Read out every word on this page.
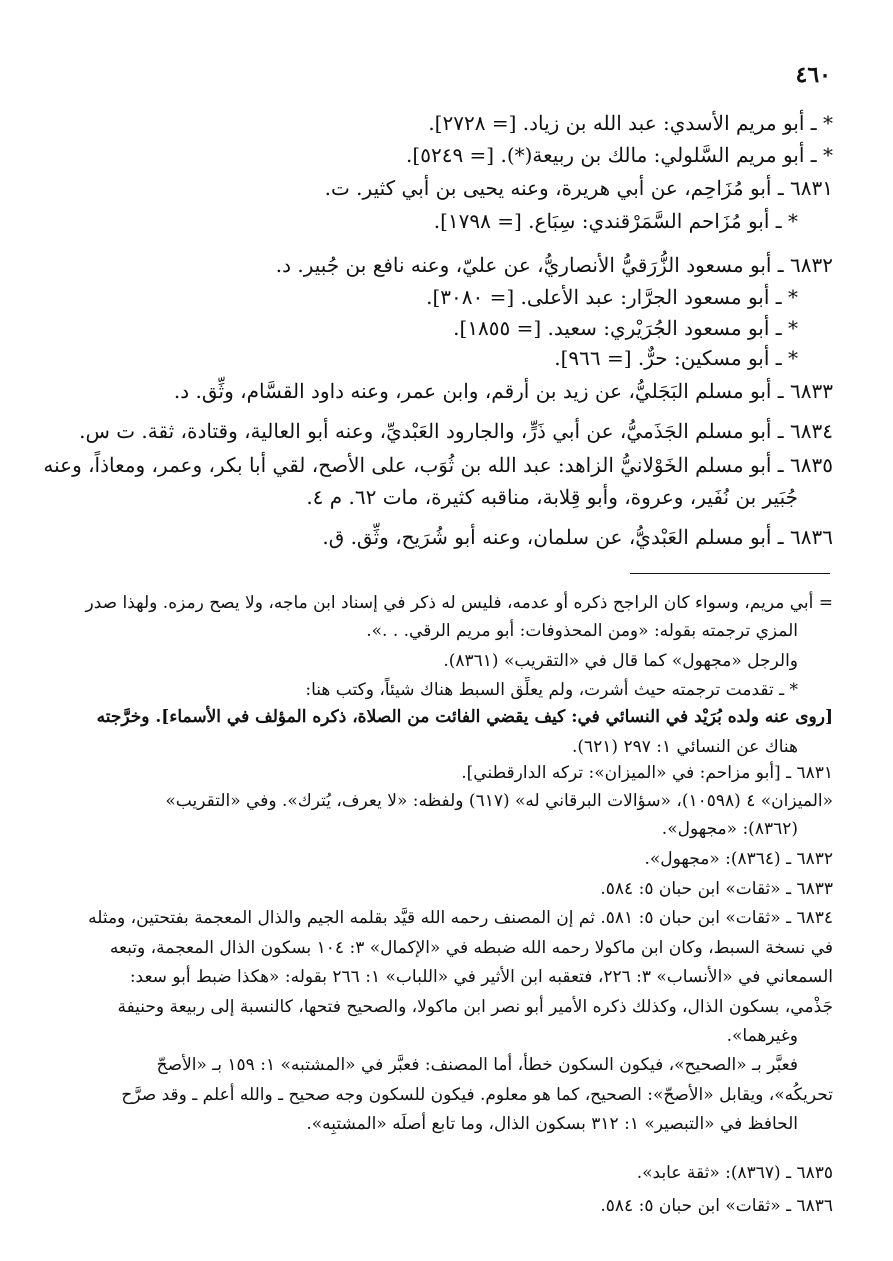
٤٦٠
* ـ أبو مريم الأسدي: عبد الله بن زياد. [= ٢٧٢٨].
* ـ أبو مريم السَّلولي: مالك بن ربيعة(*). [= ٥٢٤٩].
٦٨٣١ ـ أبو مُزَاحِم، عن أبي هريرة، وعنه يحيى بن أبي كثير. ت.
* ـ أبو مُزَاحم السَّمَرْقندي: سِبَاع. [= ١٧٩٨].
٦٨٣٢ ـ أبو مسعود الزُّرَقيُّ الأنصاريُّ، عن عليّ، وعنه نافع بن جُبير. د.
* ـ أبو مسعود الجرَّار: عبد الأعلى. [= ٣٠٨٠].
* ـ أبو مسعود الجُرَيْري: سعيد. [= ١٨٥٥].
* ـ أبو مسكين: حرٌّ. [= ٩٦٦].
٦٨٣٣ ـ أبو مسلم البَجَليُّ، عن زيد بن أرقم، وابن عمر، وعنه داود القسَّام، وثِّق. د.
٦٨٣٤ ـ أبو مسلم الجَذَميُّ، عن أبي ذَرٍّ، والجارود العَبْديِّ، وعنه أبو العالية، وقتادة، ثقة. ت س.
٦٨٣٥ ـ أبو مسلم الخَوْلانيُّ الزاهد: عبد الله بن ثُوَب، على الأصح، لقي أبا بكر، وعمر، ومعاذاً، وعنه
جُبَير بن نُفَير، وعروة، وأبو قِلابة، مناقبه كثيرة، مات ٦٢. م ٤.
٦٨٣٦ ـ أبو مسلم العَبْديُّ، عن سلمان، وعنه أبو شُرَيح، وثِّق. ق.
= أبي مريم، وسواء كان الراجح ذكره أو عدمه، فليس له ذكر في إسناد ابن ماجه، ولا يصح رمزه. ولهذا صدر
المزي ترجمته بقوله: «ومن المحذوفات: أبو مريم الرقي. . .».
والرجل «مجهول» كما قال في «التقريب» (٨٣٦١).
* ـ تقدمت ترجمته حيث أشرت، ولم يعلِّق السبط هناك شيئاً، وكتب هنا:
[روى عنه ولده بُرَيْد في النسائي في: كيف يقضي الفائت من الصلاة، ذكره المؤلف في الأسماء]. وخرَّجته
هناك عن النسائي ١: ٢٩٧ (٦٢١).
٦٨٣١ ـ [أبو مزاحم: في «الميزان»: تركه الدارقطني].
«الميزان» ٤ (١٠٥٩٨)، «سؤالات البرقاني له» (٦١٧) ولفظه: «لا يعرف، يُترك». وفي «التقريب»
(٨٣٦٢): «مجهول».
٦٨٣٢ ـ (٨٣٦٤): «مجهول».
٦٨٣٣ ـ «ثقات» ابن حبان ٥: ٥٨٤.
٦٨٣٤ ـ «ثقات» ابن حبان ٥: ٥٨١. ثم إن المصنف رحمه الله قيَّد بقلمه الجيم والذال المعجمة بفتحتين، ومثله
في نسخة السبط، وكان ابن ماكولا رحمه الله ضبطه في «الإكمال» ٣: ١٠٤ بسكون الذال المعجمة، وتبعه
السمعاني في «الأنساب» ٣: ٢٢٦، فتعقبه ابن الأثير في «اللباب» ١: ٢٦٦ بقوله: «هكذا ضبط أبو سعد:
جَذْمي، بسكون الذال، وكذلك ذكره الأمير أبو نصر ابن ماكولا، والصحيح فتحها، كالنسبة إلى ربيعة وحنيفة
وغيرهما».
فعبَّر بـ «الصحيح»، فيكون السكون خطأً، أما المصنف: فعبَّر في «المشتبه» ١: ١٥٩ بـ «الأصحّ
تحريكُه»، ويقابل «الأصحّ»: الصحيح، كما هو معلوم. فيكون للسكون وجه صحيح ـ والله أعلم ـ وقد صرَّح
الحافظ في «التبصير» ١: ٣١٢ بسكون الذال، وما تابع أصلَه «المشتبِه».
٦٨٣٥ ـ (٨٣٦٧): «ثقة عابد».
٦٨٣٦ ـ «ثقات» ابن حبان ٥: ٥٨٤.
